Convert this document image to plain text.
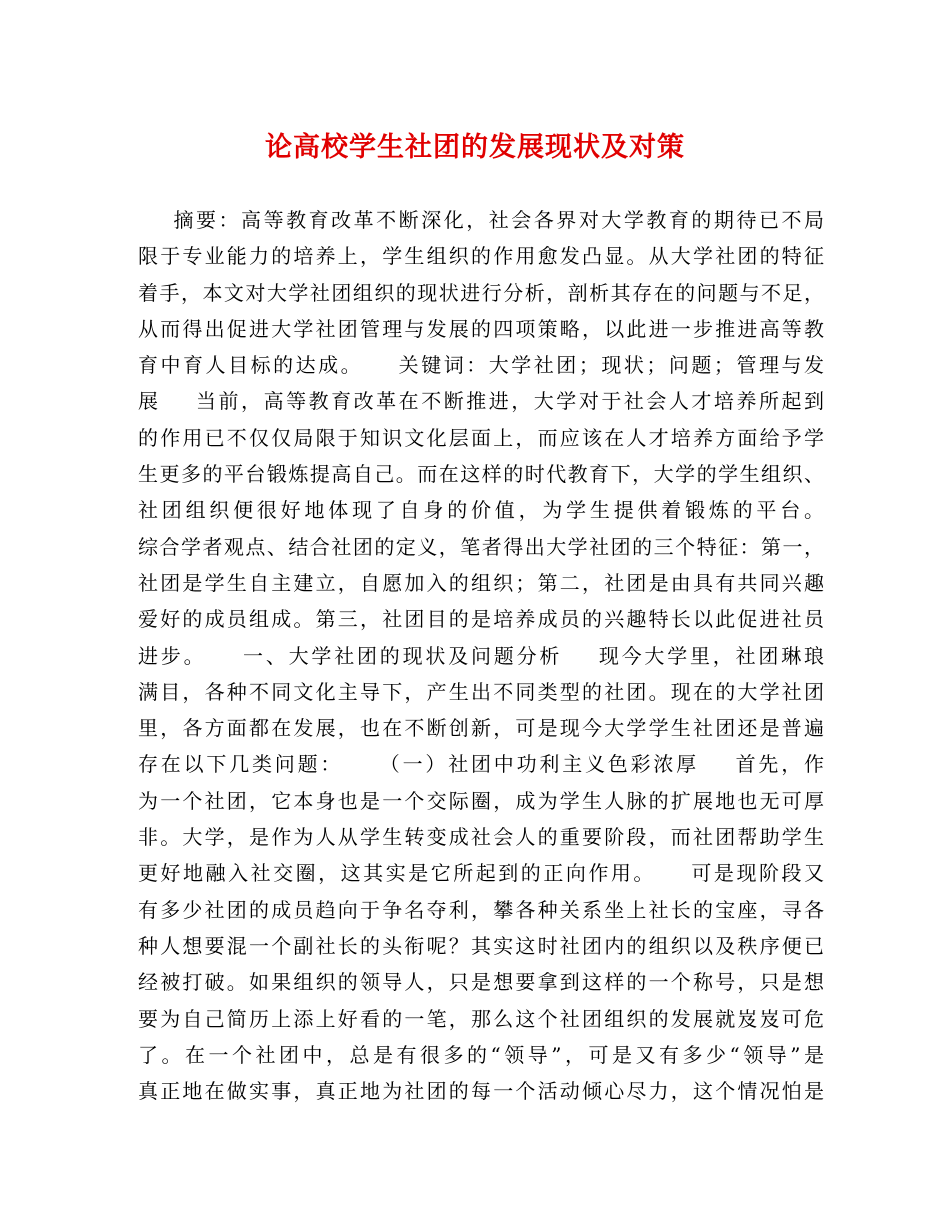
论高校学生社团的发展现状及对策
摘要：高等教育改革不断深化，社会各界对大学教育的期待已不局
限于专业能力的培养上，学生组织的作用愈发凸显。从大学社团的特征
着手，本文对大学社团组织的现状进行分析，剖析其存在的问题与不足，
从而得出促进大学社团管理与发展的四项策略，以此进一步推进高等教
育中育人目标的达成。    关键词：大学社团；现状；问题；管理与发
展    当前，高等教育改革在不断推进，大学对于社会人才培养所起到
的作用已不仅仅局限于知识文化层面上，而应该在人才培养方面给予学
生更多的平台锻炼提高自己。而在这样的时代教育下，大学的学生组织、
社团组织便很好地体现了自身的价值，为学生提供着锻炼的平台。
综合学者观点、结合社团的定义，笔者得出大学社团的三个特征：第一，
社团是学生自主建立，自愿加入的组织；第二，社团是由具有共同兴趣
爱好的成员组成。第三，社团目的是培养成员的兴趣特长以此促进社员
进步。    一、大学社团的现状及问题分析    现今大学里，社团琳琅
满目，各种不同文化主导下，产生出不同类型的社团。现在的大学社团
里，各方面都在发展，也在不断创新，可是现今大学学生社团还是普遍
存在以下几类问题：    （一）社团中功利主义色彩浓厚    首先，作
为一个社团，它本身也是一个交际圈，成为学生人脉的扩展地也无可厚
非。大学，是作为人从学生转变成社会人的重要阶段，而社团帮助学生
更好地融入社交圈，这其实是它所起到的正向作用。    可是现阶段又
有多少社团的成员趋向于争名夺利，攀各种关系坐上社长的宝座，寻各
种人想要混一个副社长的头衔呢？其实这时社团内的组织以及秩序便已
经被打破。如果组织的领导人，只是想要拿到这样的一个称号，只是想
要为自己简历上添上好看的一笔，那么这个社团组织的发展就岌岌可危
了。在一个社团中，总是有很多的“领导”，可是又有多少“领导”是
真正地在做实事，真正地为社团的每一个活动倾心尽力，这个情况怕是
